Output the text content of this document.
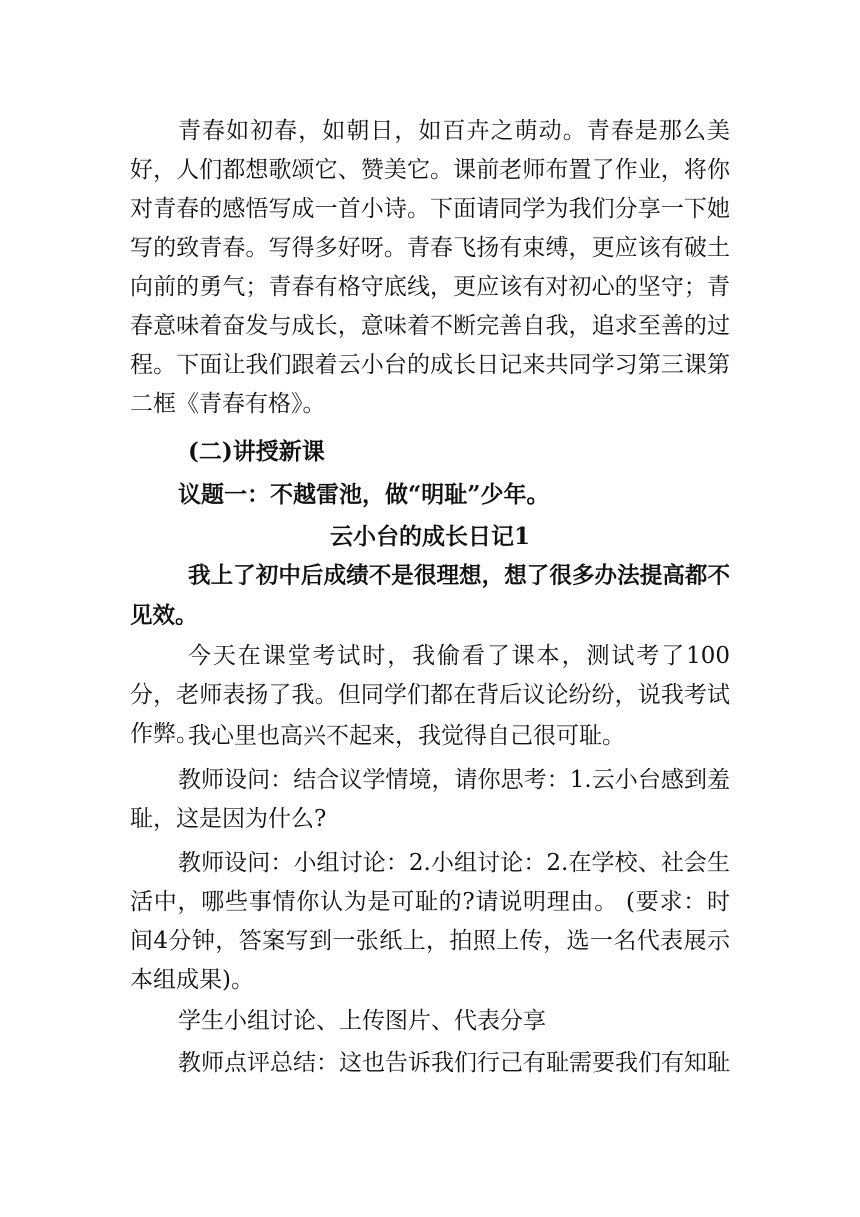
青春如初春，如朝日，如百卉之萌动。青春是那么美好，人们都想歌颂它、赞美它。课前老师布置了作业，将你对青春的感悟写成一首小诗。下面请同学为我们分享一下她写的致青春。写得多好呀。青春飞扬有束缚，更应该有破土向前的勇气；青春有格守底线，更应该有对初心的坚守；青春意味着奋发与成长，意味着不断完善自我，追求至善的过程。下面让我们跟着云小台的成长日记来共同学习第三课第二框《青春有格》。

(二)讲授新课

议题一：不越雷池，做“明耻”少年。

云小台的成长日记1

我上了初中后成绩不是很理想，想了很多办法提高都不见效。

今天在课堂考试时，我偷看了课本，测试考了100分，老师表扬了我。但同学们都在背后议论纷纷，说我考试作弊。

我心里也高兴不起来，我觉得自己很可耻。

教师设问：结合议学情境，请你思考：1.云小台感到羞耻，这是因为什么?

教师设问：小组讨论：2.小组讨论：2.在学校、社会生活中，哪些事情你认为是可耻的?请说明理由。 (要求：时间4分钟，答案写到一张纸上，拍照上传，选一名代表展示本组成果)。

学生小组讨论、上传图片、代表分享

教师点评总结：这也告诉我们行己有耻需要我们有知耻
